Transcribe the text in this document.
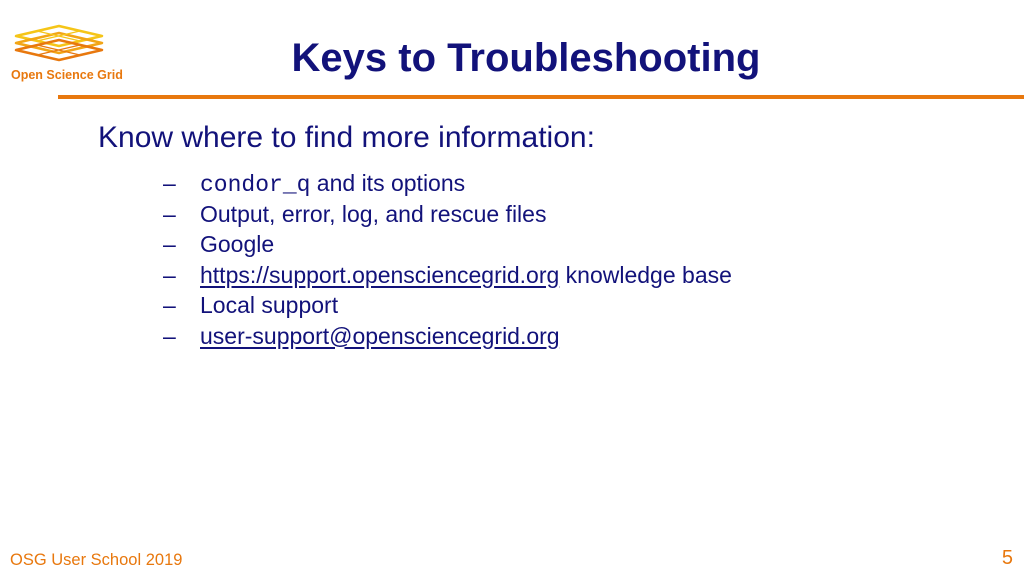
Open Science Grid	Keys to Troubleshooting
Know where to find more information:
– condor_q and its options
– Output, error, log, and rescue files
– Google
– https://support.opensciencegrid.org knowledge base
– Local support
– user-support@opensciencegrid.org
OSG User School 2019	5
